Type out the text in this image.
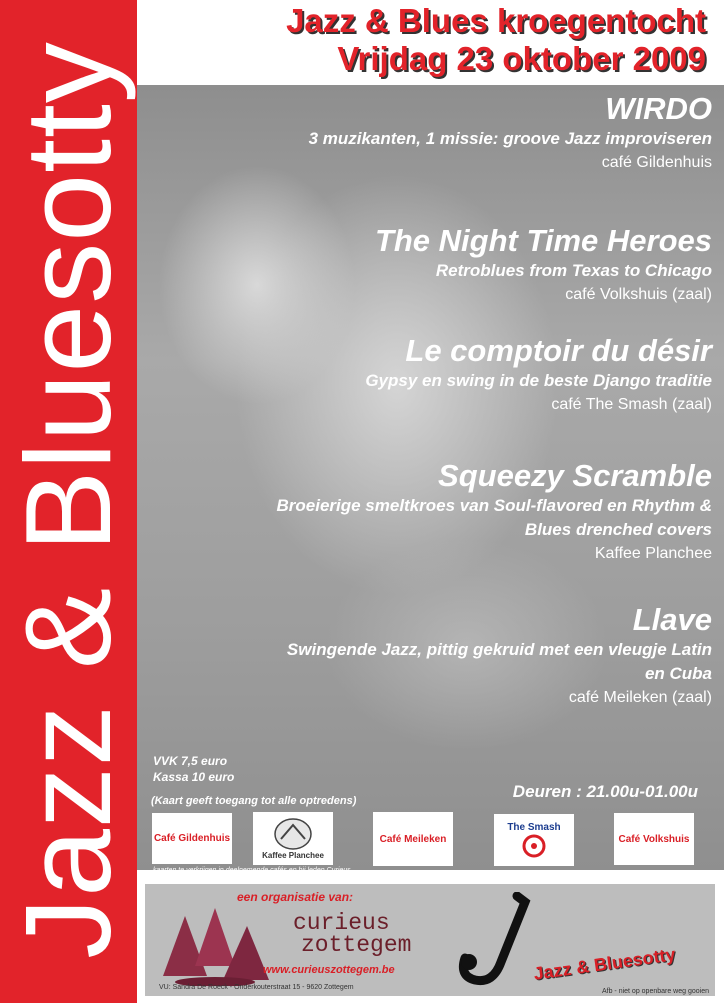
Jazz & Bluesotty
Jazz & Blues kroegentocht
Vrijdag 23 oktober 2009
WIRDO
3 muzikanten, 1 missie: groove Jazz improviseren
café Gildenhuis
The Night Time Heroes
Retroblues from Texas to Chicago
café Volkshuis (zaal)
Le comptoir du désir
Gypsy en swing in de beste Django traditie
café The Smash (zaal)
Squeezy Scramble
Broeierige smeltkroes van Soul-flavored en Rhythm &
Blues drenched covers
Kaffee Planchee
Llave
Swingende Jazz, pittig gekruid met een vleugje Latin
en Cuba
café Meileken (zaal)
VVK 7,5 euro
Kassa 10 euro
(Kaart geeft toegang tot alle optredens)	Deuren : 21.00u-01.00u
Café Gildenhuis
Kaffee Planchee
Café Meileken
The Smash
Café Volkshuis
een organisatie van:
curieus
zottegem
www.curieuszottegem.be
VU: Sandra De Roeck - Onderkouterstraat 15 - 9620 Zottegem
Jazz & Bluesotty
Afb - niet op openbare weg gooien
